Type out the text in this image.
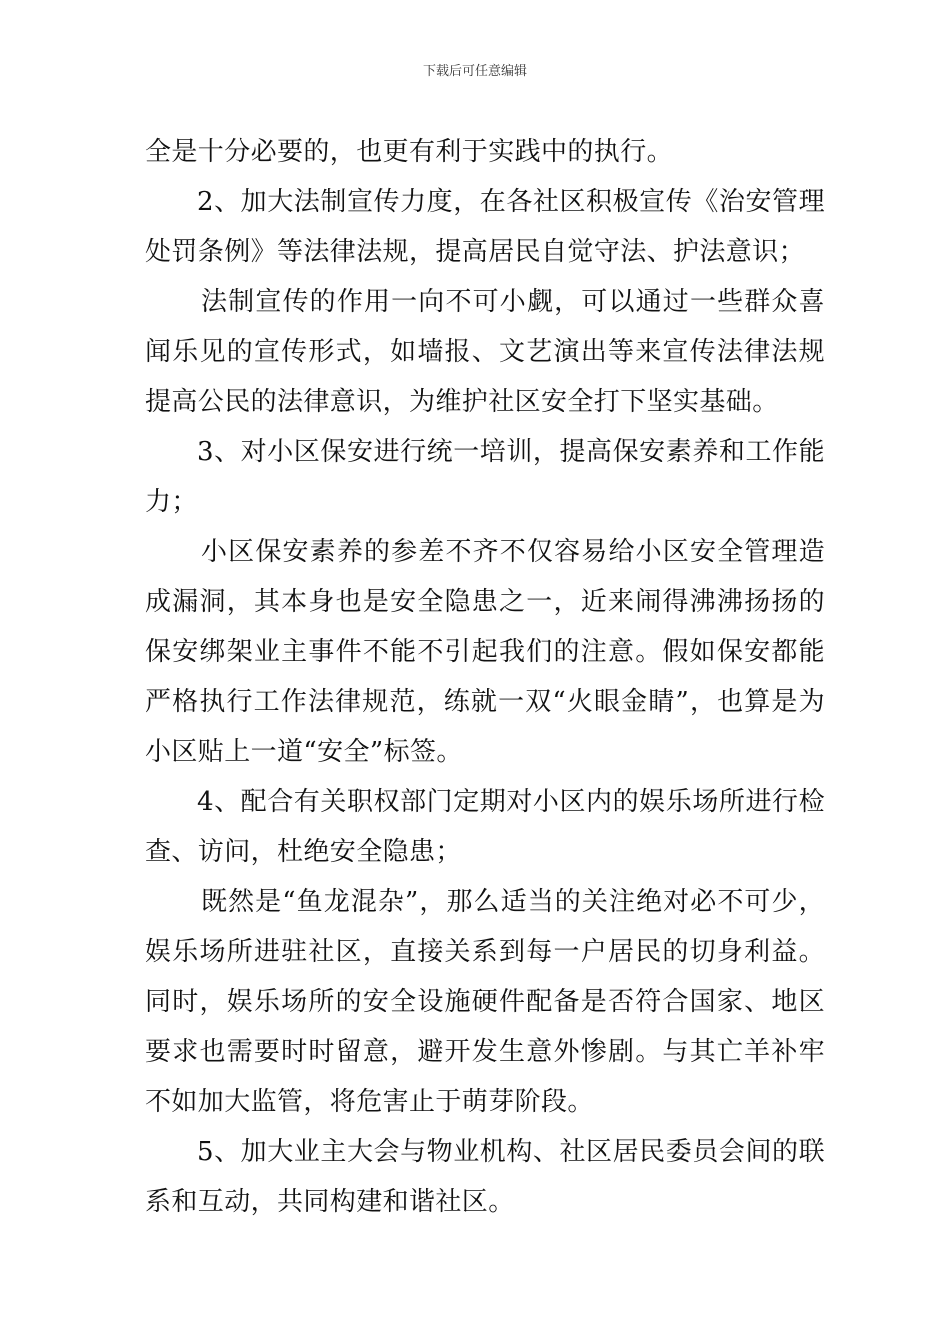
下载后可任意编辑

全是十分必要的，也更有利于实践中的执行。

2、加大法制宣传力度，在各社区积极宣传《治安管理处罚条例》等法律法规，提高居民自觉守法、护法意识；

法制宣传的作用一向不可小觑，可以通过一些群众喜闻乐见的宣传形式，如墙报、文艺演出等来宣传法律法规提高公民的法律意识，为维护社区安全打下坚实基础。

3、对小区保安进行统一培训，提高保安素养和工作能力；

小区保安素养的参差不齐不仅容易给小区安全管理造成漏洞，其本身也是安全隐患之一，近来闹得沸沸扬扬的保安绑架业主事件不能不引起我们的注意。假如保安都能严格执行工作法律规范，练就一双“火眼金睛”，也算是为小区贴上一道“安全”标签。

4、配合有关职权部门定期对小区内的娱乐场所进行检查、访问，杜绝安全隐患；

既然是“鱼龙混杂”，那么适当的关注绝对必不可少，娱乐场所进驻社区，直接关系到每一户居民的切身利益。同时，娱乐场所的安全设施硬件配备是否符合国家、地区要求也需要时时留意，避开发生意外惨剧。与其亡羊补牢不如加大监管，将危害止于萌芽阶段。

5、加大业主大会与物业机构、社区居民委员会间的联系和互动，共同构建和谐社区。
